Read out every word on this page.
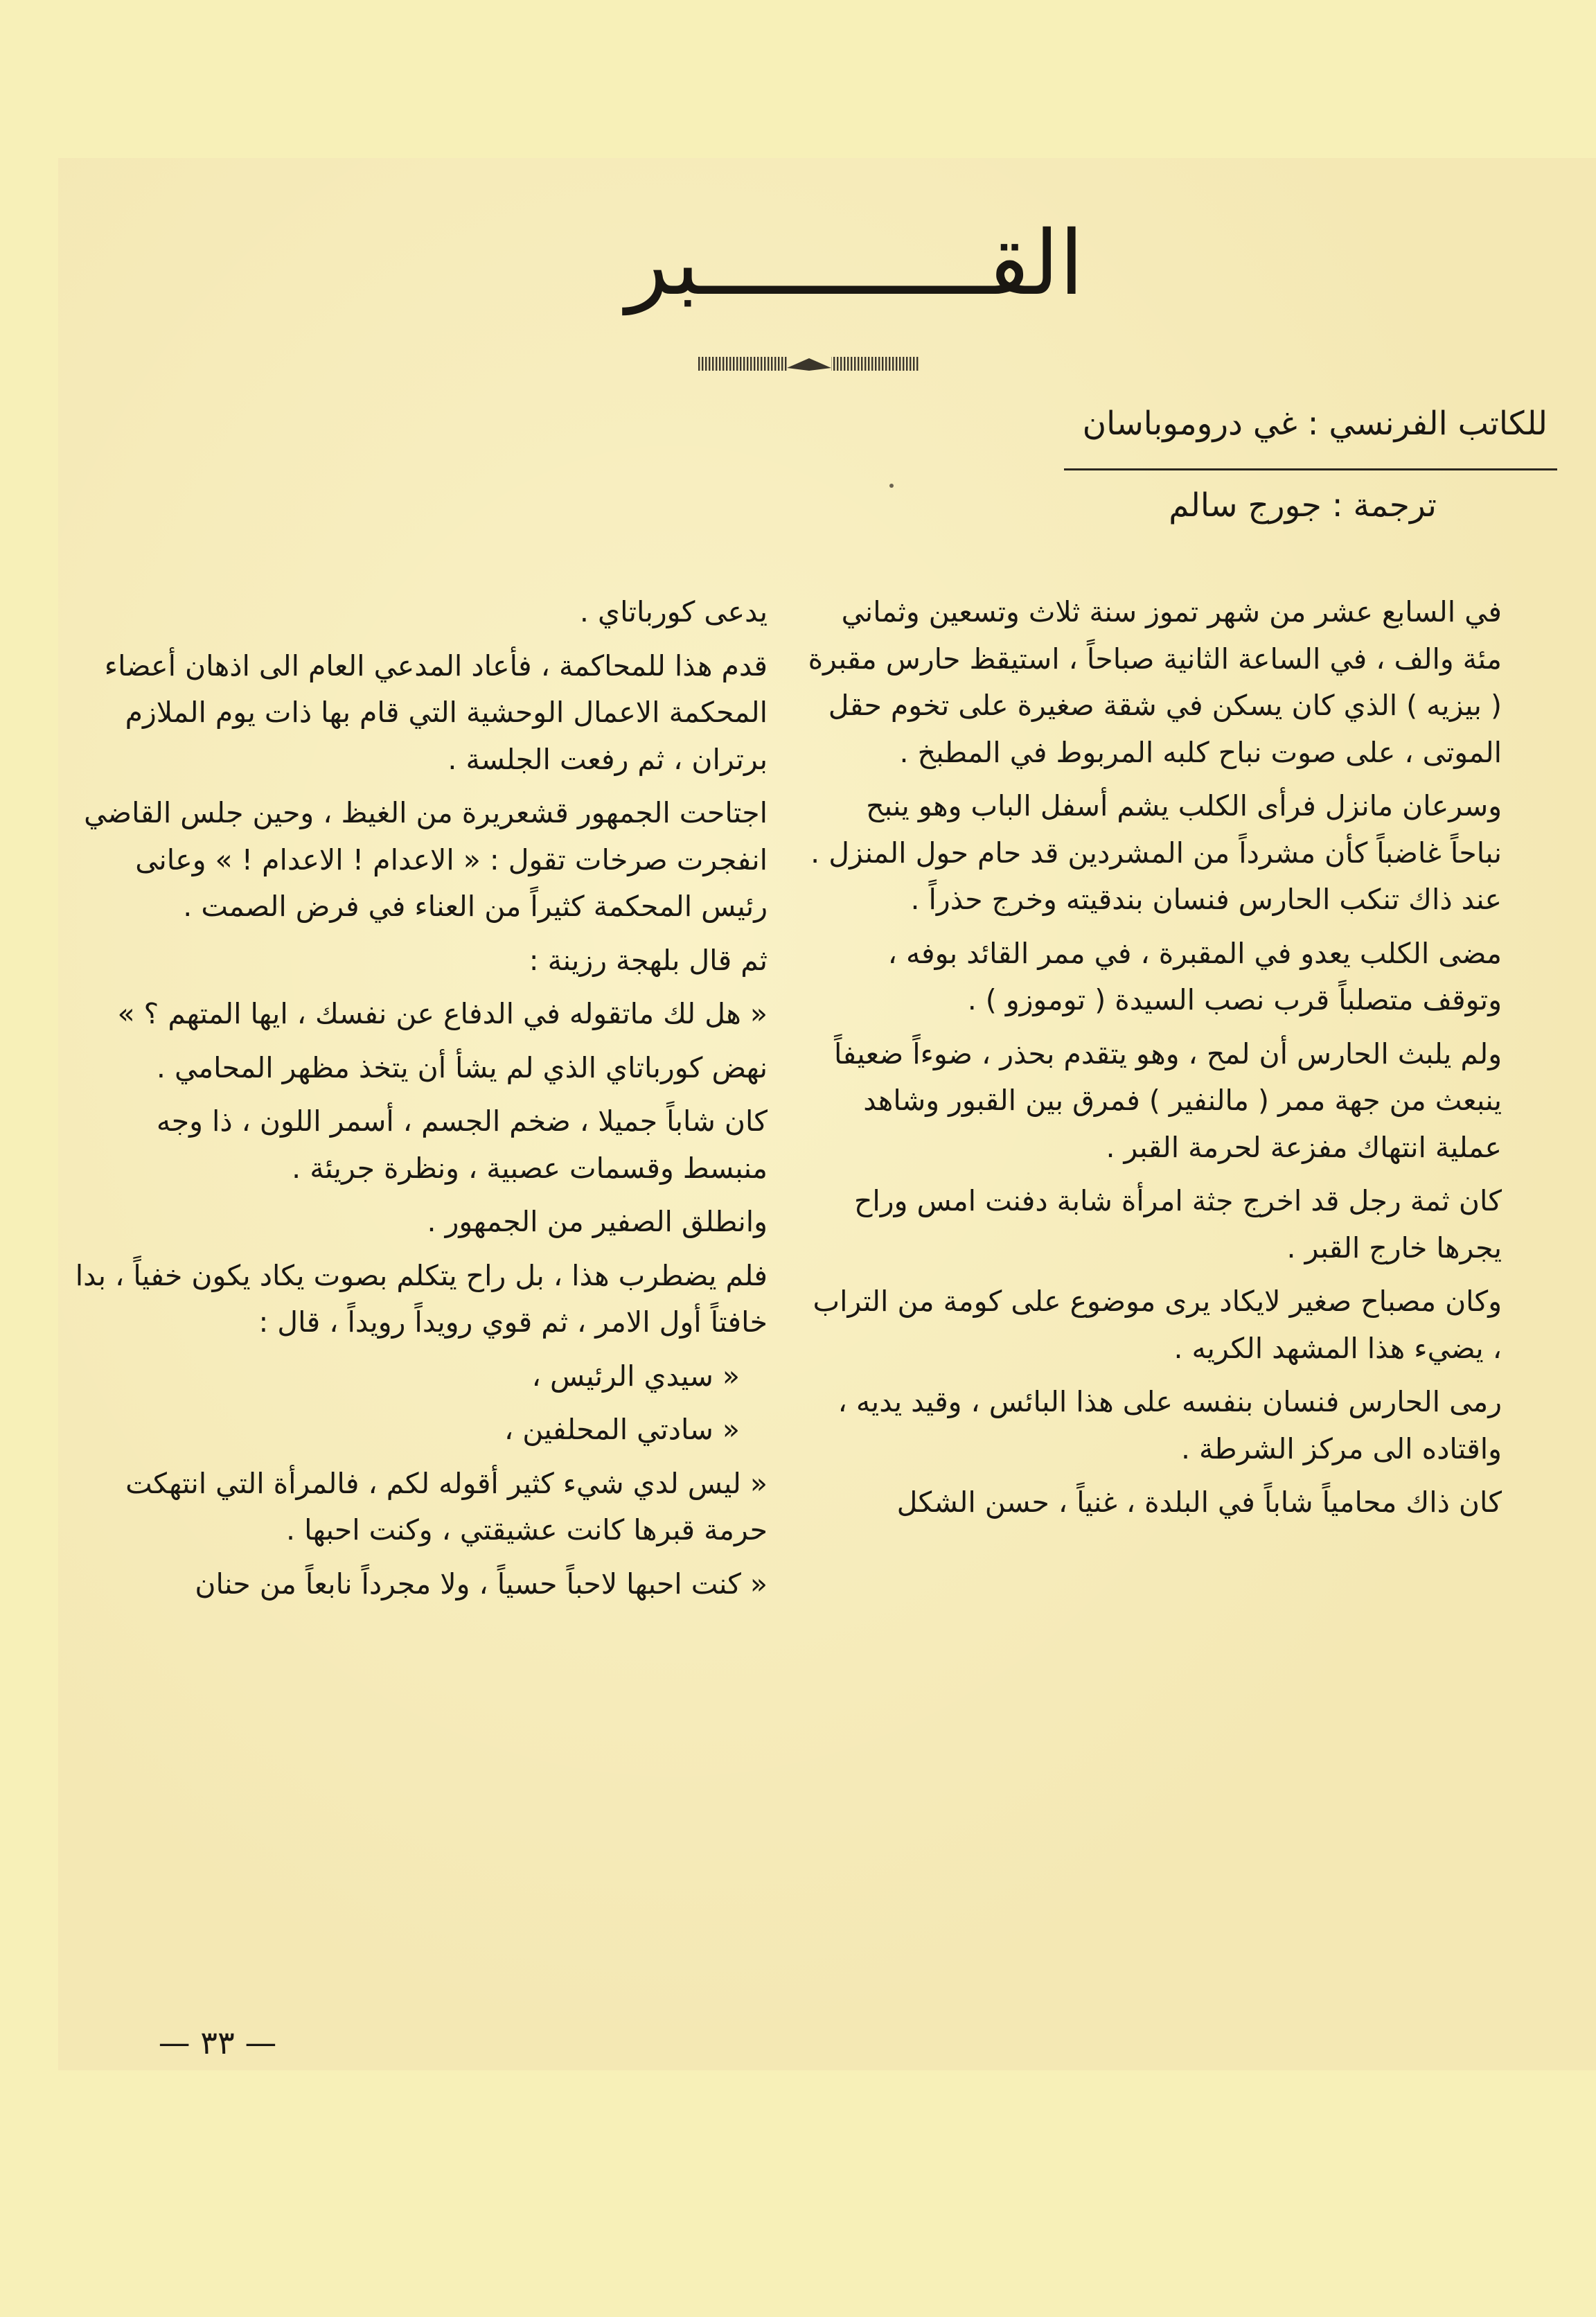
القـــــــــــبر
للكاتب الفرنسي : غي دروموباسان
ترجمة : جورج سالم

في السابع عشر من شهر تموز سنة ثلاث وتسعين وثماني مئة والف ، في الساعة الثانية صباحاً ، استيقظ حارس مقبرة ( بيزيه ) الذي كان يسكن في شقة صغيرة على تخوم حقل الموتى ، على صوت نباح كلبه المربوط في المطبخ .

وسرعان مانزل فرأى الكلب يشم أسفل الباب وهو ينبح نباحاً غاضباً كأن مشرداً من المشردين قد حام حول المنزل . عند ذاك تنكب الحارس فنسان بندقيته وخرج حذراً .

مضى الكلب يعدو في المقبرة ، في ممر القائد بوفه ، وتوقف متصلباً قرب نصب السيدة ( توموزو ) .

ولم يلبث الحارس أن لمح ، وهو يتقدم بحذر ، ضوءاً ضعيفاً ينبعث من جهة ممر ( مالنفير ) فمرق بين القبور وشاهد عملية انتهاك مفزعة لحرمة القبر .

كان ثمة رجل قد اخرج جثة امرأة شابة دفنت امس وراح يجرها خارج القبر .

وكان مصباح صغير لايكاد يرى موضوع على كومة من التراب ، يضيء هذا المشهد الكريه .

رمى الحارس فنسان بنفسه على هذا البائس ، وقيد يديه ، واقتاده الى مركز الشرطة .

كان ذاك محامياً شاباً في البلدة ، غنياً ، حسن الشكل

يدعى كورباتاي .

قدم هذا للمحاكمة ، فأعاد المدعي العام الى اذهان أعضاء المحكمة الاعمال الوحشية التي قام بها ذات يوم الملازم برتران ، ثم رفعت الجلسة .

اجتاحت الجمهور قشعريرة من الغيظ ، وحين جلس القاضي انفجرت صرخات تقول : « الاعدام ! الاعدام ! » وعانى رئيس المحكمة كثيراً من العناء في فرض الصمت .

ثم قال بلهجة رزينة :

« هل لك ماتقوله في الدفاع عن نفسك ، ايها المتهم ؟ »

نهض كورباتاي الذي لم يشأ أن يتخذ مظهر المحامي .

كان شاباً جميلا ، ضخم الجسم ، أسمر اللون ، ذا وجه منبسط وقسمات عصبية ، ونظرة جريئة .

وانطلق الصفير من الجمهور .

فلم يضطرب هذا ، بل راح يتكلم بصوت يكاد يكون خفياً ، بدا خافتاً أول الامر ، ثم قوي رويداً رويداً ، قال :

« سيدي الرئيس ،

« سادتي المحلفين ،

« ليس لدي شيء كثير أقوله لكم ، فالمرأة التي انتهكت حرمة قبرها كانت عشيقتي ، وكنت احبها .

« كنت احبها لاحباً حسياً ، ولا مجرداً نابعاً من حنان

— ٣٣ —
